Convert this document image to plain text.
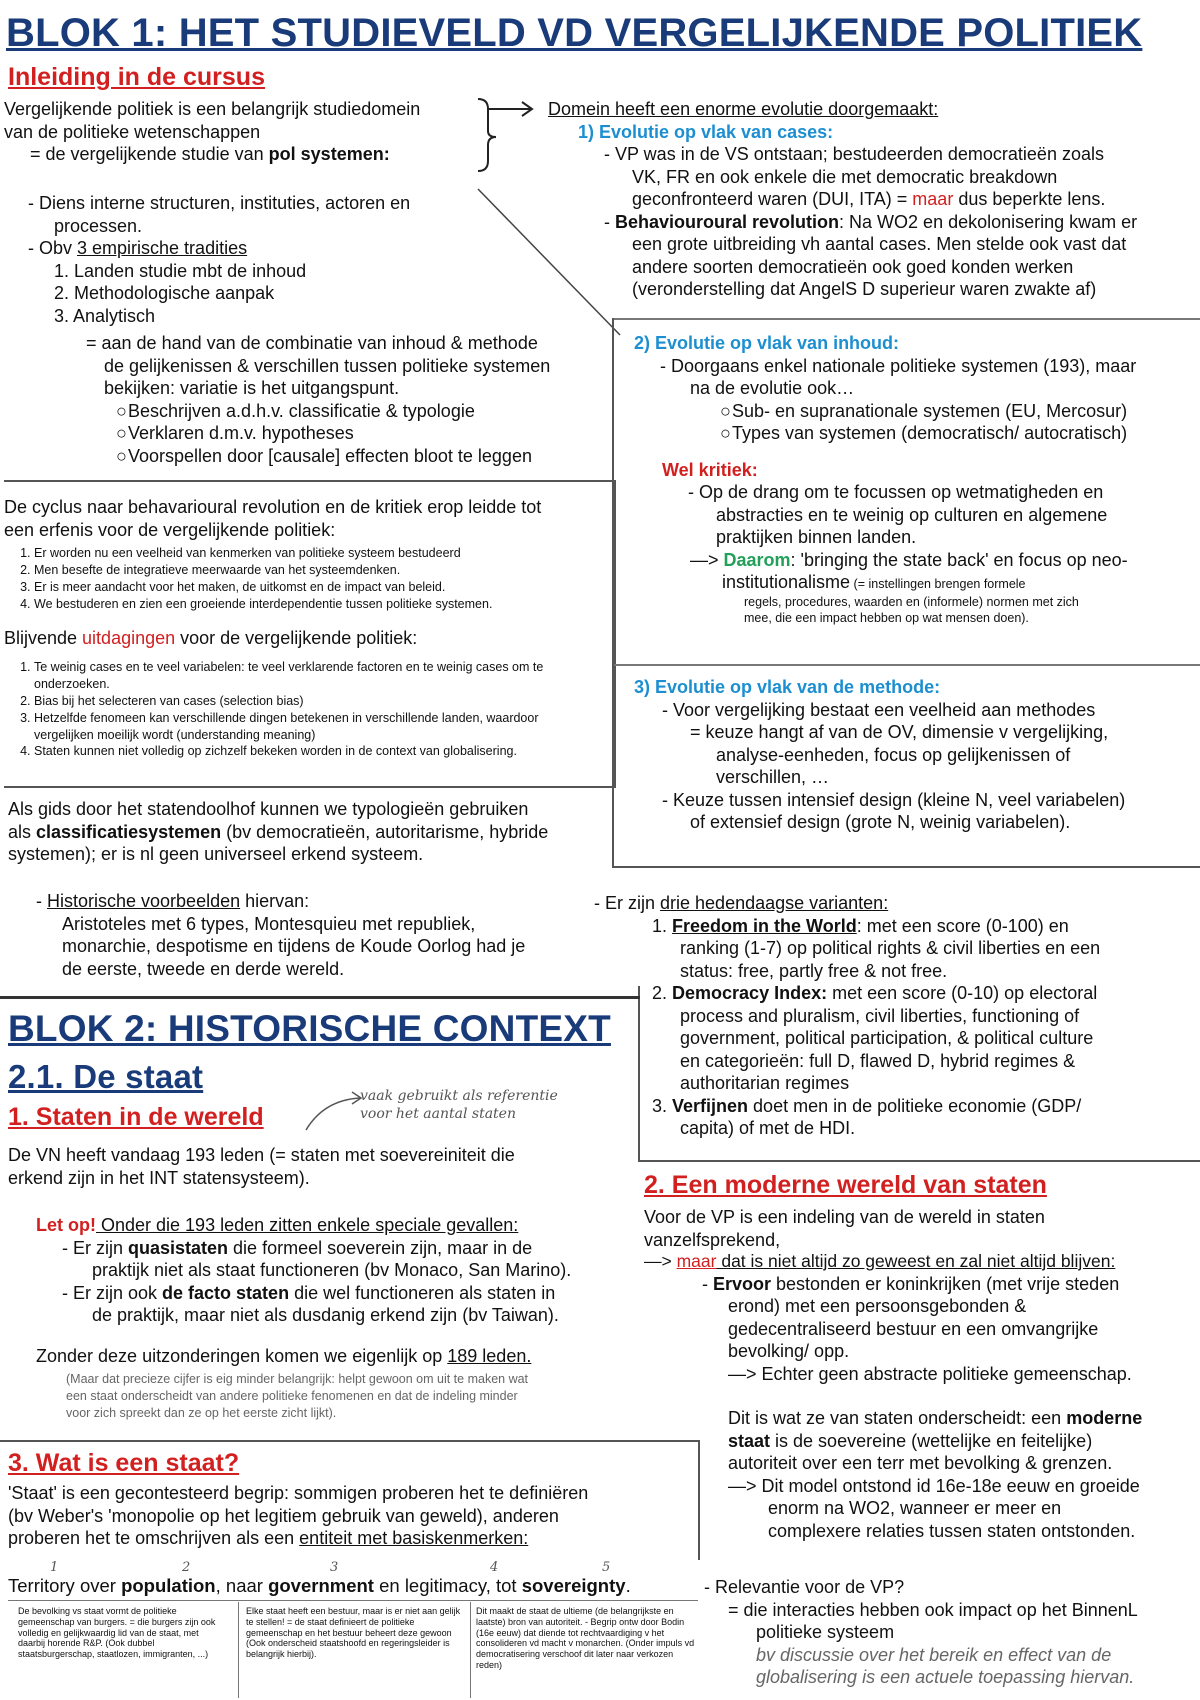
BLOK 1: HET STUDIEVELD VD VERGELIJKENDE POLITIEK
Inleiding in de cursus

Vergelijkende politiek is een belangrijk studiedomein

van de politieke wetenschappen

= de vergelijkende studie van pol systemen:

- Diens interne structuren, instituties, actoren en

processen.

- Obv 3 empirische tradities

1. Landen studie mbt de inhoud

2. Methodologische aanpak

3. Analytisch

= aan de hand van de combinatie van inhoud & methode

de gelijkenissen & verschillen tussen politieke systemen

bekijken: variatie is het uitgangspunt.

○Beschrijven a.d.h.v. classificatie & typologie

○Verklaren d.m.v. hypotheses

○Voorspellen door [causale] effecten bloot te leggen

De cyclus naar behavarioural revolution en de kritiek erop leidde tot

een erfenis voor de vergelijkende politiek:

1. Er worden nu een veelheid van kenmerken van politieke systeem bestudeerd
2. Men besefte de integratieve meerwaarde van het systeemdenken.
3. Er is meer aandacht voor het maken, de uitkomst en de impact van beleid.
4. We bestuderen en zien een groeiende interdependentie tussen politieke systemen.

Blijvende uitdagingen voor de vergelijkende politiek:

1. Te weinig cases en te veel variabelen: te veel verklarende factoren en te weinig cases om te onderzoeken.
2. Bias bij het selecteren van cases (selection bias)
3. Hetzelfde fenomeen kan verschillende dingen betekenen in verschillende landen, waardoor vergelijken moeilijk wordt (understanding meaning)
4. Staten kunnen niet volledig op zichzelf bekeken worden in de context van globalisering.

Als gids door het statendoolhof kunnen we typologieën gebruiken

als classificatiesystemen (bv democratieën, autoritarisme, hybride

systemen); er is nl geen universeel erkend systeem.

- Historische voorbeelden hiervan:

Aristoteles met 6 types, Montesquieu met republiek,

monarchie, despotisme en tijdens de Koude Oorlog had je

de eerste, tweede en derde wereld.

Domein heeft een enorme evolutie doorgemaakt:

1) Evolutie op vlak van cases:

- VP was in de VS ontstaan; bestudeerden democratieën zoals

VK, FR en ook enkele die met democratic breakdown

geconfronteerd waren (DUI, ITA) = maar dus beperkte lens.

- Behaviouroural revolution: Na WO2 en dekolonisering kwam er

een grote uitbreiding vh aantal cases. Men stelde ook vast dat

andere soorten democratieën ook goed konden werken

(veronderstelling dat AngelS D superieur waren zwakte af)

2) Evolutie op vlak van inhoud:

- Doorgaans enkel nationale politieke systemen (193), maar

na de evolutie ook…

○Sub- en supranationale systemen (EU, Mercosur)

○Types van systemen (democratisch/ autocratisch)

Wel kritiek:

- Op de drang om te focussen op wetmatigheden en

abstracties en te weinig op culturen en algemene

praktijken binnen landen.

—> Daarom: 'bringing the state back' en focus op neo-

institutionalisme (= instellingen brengen formele

regels, procedures, waarden en (informele) normen met zich

mee, die een impact hebben op wat mensen doen).

3) Evolutie op vlak van de methode:

- Voor vergelijking bestaat een veelheid aan methodes

= keuze hangt af van de OV, dimensie v vergelijking,

analyse-eenheden, focus op gelijkenissen of

verschillen, …

- Keuze tussen intensief design (kleine N, veel variabelen)

of extensief design (grote N, weinig variabelen).

- Er zijn drie hedendaagse varianten:

1. Freedom in the World: met een score (0-100) en

ranking (1-7) op political rights & civil liberties en een

status: free, partly free & not free.

2. Democracy Index: met een score (0-10) op electoral

process and pluralism, civil liberties, functioning of

government, political participation, & political culture

en categorieën: full D, flawed D, hybrid regimes &

authoritarian regimes

3. Verfijnen doet men in de politieke economie (GDP/

capita) of met de HDI.

BLOK 2: HISTORISCHE CONTEXT
2.1. De staat
1. Staten in de wereld
vaak gebruikt als referentie
voor het aantal staten

De VN heeft vandaag 193 leden (= staten met soevereiniteit die

erkend zijn in het INT statensysteem).

Let op! Onder die 193 leden zitten enkele speciale gevallen:

- Er zijn quasistaten die formeel soeverein zijn, maar in de

praktijk niet als staat functioneren (bv Monaco, San Marino).

- Er zijn ook de facto staten die wel functioneren als staten in

de praktijk, maar niet als dusdanig erkend zijn (bv Taiwan).

Zonder deze uitzonderingen komen we eigenlijk op 189 leden.

(Maar dat precieze cijfer is eig minder belangrijk: helpt gewoon om uit te maken wat
een staat onderscheidt van andere politieke fenomenen en dat de indeling minder
voor zich spreekt dan ze op het eerste zicht lijkt).
3. Wat is een staat?

'Staat' is een gecontesteerd begrip: sommigen proberen het te definiëren

(bv Weber's 'monopolie op het legitiem gebruik van geweld), anderen

proberen het te omschrijven als een entiteit met basiskenmerken:

1	2	3	4	5
Territory over population, naar government en legitimacy, tot sovereignty.
De bevolking vs staat vormt de politieke gemeenschap van burgers. = die burgers zijn ook volledig en gelijkwaardig lid van de staat, met daarbij horende R&P. (Ook dubbel staatsburgerschap, staatlozen, immigranten, ...)
Elke staat heeft een bestuur, maar is er niet aan gelijk te stellen! = de staat definieert de politieke gemeenschap en het bestuur beheert deze gewoon (Ook onderscheid staatshoofd en regeringsleider is belangrijk hierbij).
Dit maakt de staat de ultieme (de belangrijkste en laatste) bron van autoriteit. - Begrip ontw door Bodin (16e eeuw) dat diende tot rechtvaardiging v het consolideren vd macht v monarchen. (Onder impuls vd democratisering verschoof dit later naar verkozen reden)
2. Een moderne wereld van staten

Voor de VP is een indeling van de wereld in staten

vanzelfsprekend,

—> maar dat is niet altijd zo geweest en zal niet altijd blijven:

- Ervoor bestonden er koninkrijken (met vrije steden

erond) met een persoonsgebonden &

gedecentraliseerd bestuur en een omvangrijke

bevolking/ opp.

—> Echter geen abstracte politieke gemeenschap.

Dit is wat ze van staten onderscheidt: een moderne

staat is de soevereine (wettelijke en feitelijke)

autoriteit over een terr met bevolking & grenzen.

—> Dit model ontstond id 16e-18e eeuw en groeide

enorm na WO2, wanneer er meer en

complexere relaties tussen staten ontstonden.

- Relevantie voor de VP?

= die interacties hebben ook impact op het BinnenL

politieke systeem

bv discussie over het bereik en effect van de

globalisering is een actuele toepassing hiervan.
